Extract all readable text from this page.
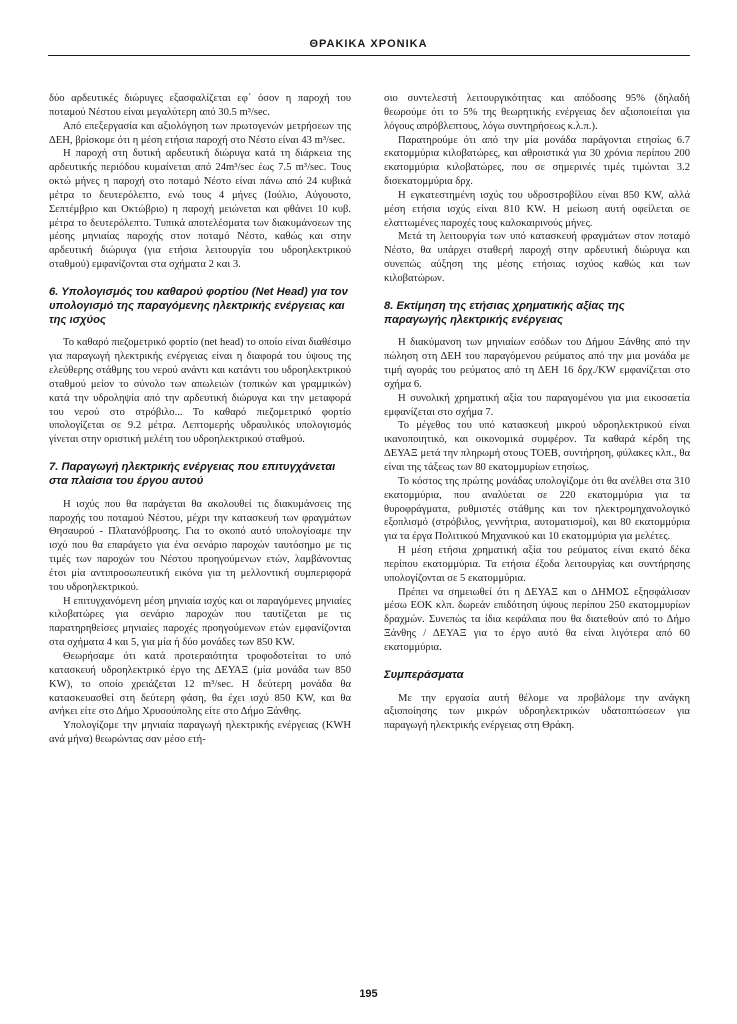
ΘΡΑΚΙΚΑ ΧΡΟΝΙΚΑ

δύο αρδευτικές διώρυγες εξασφαλίζεται εφ΄ όσον η παροχή του ποταμού Νέστου είναι μεγαλύτερη από 30.5 m³/sec.

Από επεξεργασία και αξιολόγηση των πρωτογενών μετρήσεων της ΔΕΗ, βρίσκομε ότι η μέση ετήσια παροχή στο Νέστο είναι 43 m³/sec.

Η παροχή στη δυτική αρδευτική διώρυγα κατά τη διάρκεια της αρδευτικής περιόδου κυμαίνεται από 24m³/sec έως 7.5 m³/sec. Τους οκτώ μήνες η παροχή στο ποταμό Νέστο είναι πάνω από 24 κυβικά μέτρα το δευτερόλεπτο, ενώ τους 4 μήνες (Ιούλιο, Αύγουστο, Σεπτέμβριο και Οκτώβριο) η παροχή μειώνεται και φθάνει 10 κυβ. μέτρα το δευτερόλεπτο. Τυπικά αποτελέσματα των διακυμάνσεων της μέσης μηνιαίας παροχής στον ποταμό Νέστο, καθώς και στην αρδευτική διώρυγα (για ετήσια λειτουργία του υδροηλεκτρικού σταθμού) εμφανίζονται στα σχήματα 2 και 3.

6. Υπολογισμός του καθαρού φορτίου (Net Head) για τον υπολογισμό της παραγόμενης ηλεκτρικής ενέργειας και της ισχύος

Το καθαρό πιεζομετρικό φορτίο (net head) το οποίο είναι διαθέσιμο για παραγωγή ηλεκτρικής ενέργειας είναι η διαφορά του ύψους της ελεύθερης στάθμης του νερού ανάντι και κατάντι του υδροηλεκτρικού σταθμού μείον το σύνολο των απωλειών (τοπικών και γραμμικών) κατά την υδροληψία από την αρδευτική διώρυγα και την μεταφορά του νερού στο στρόβιλο... Το καθαρό πιεζομετρικό φορτίο υπολογίζεται σε 9.2 μέτρα. Λεπτομερής υδραυλικός υπολογισμός γίνεται στην οριστική μελέτη του υδροηλεκτρικού σταθμού.

7. Παραγωγή ηλεκτρικής ενέργειας που επιτυγχάνεται στα πλαίσια του έργου αυτού

Η ισχύς που θα παράγεται θα ακολουθεί τις διακυμάνσεις της παροχής του ποταμού Νέστου, μέχρι την κατασκευή των φραγμάτων Θησαυρού - Πλατανόβρυσης. Για το σκοπό αυτό υπολογίσαμε την ισχύ που θα επαράγετο για ένα σενάριο παροχών ταυτόσημο με τις τιμές των παροχών του Νέστου προηγούμενων ετών, λαμβάνοντας έτσι μία αντιπροσωπευτική εικόνα για τη μελλοντική συμπεριφορά του υδροηλεκτρικού.

Η επιτυγχανόμενη μέση μηνιαία ισχύς και οι παραγόμενες μηνιαίες κιλοβατώρες για σενάριο παροχών που ταυτίζεται με τις παρατηρηθείσες μηνιαίες παροχές προηγούμενων ετών εμφανίζονται στα σχήματα 4 και 5, για μία ή δύο μονάδες των 850 KW.

Θεωρήσαμε ότι κατά προτεραιότητα τροφοδοτείται το υπό κατασκευή υδροηλεκτρικό έργο της ΔΕΥΑΞ (μία μονάδα των 850 KW), το οποίο χρειάζεται 12 m³/sec. Η δεύτερη μονάδα θα κατασκευασθεί στη δεύτερη φάση, θα έχει ισχύ 850 KW, και θα ανήκει είτε στο Δήμο Χρυσούπολης είτε στο Δήμο Ξάνθης.

Υπολογίζομε την μηνιαία παραγωγή ηλεκτρικής ενέργειας (KWH ανά μήνα) θεωρώντας σαν μέσο ετή-

σιο συντελεστή λειτουργικότητας και απόδοσης 95% (δηλαδή θεωρούμε ότι το 5% της θεωρητικής ενέργειας δεν αξιοποιείται για λόγους απρόβλεπτους, λόγω συντηρήσεως κ.λ.π.).

Παρατηρούμε ότι από την μία μονάδα παράγονται ετησίως 6.7 εκατομμύρια κιλοβατώρες, και αθροιστικά για 30 χρόνια περίπου 200 εκατομμύρια κιλοβατώρες, που σε σημερινές τιμές τιμώνται 3.2 δισεκατομμύρια δρχ.

Η εγκατεστημένη ισχύς του υδροστροβίλου είναι 850 KW, αλλά μέση ετήσια ισχύς είναι 810 KW. Η μείωση αυτή οφείλεται σε ελαττωμένες παροχές τους καλοκαιρινούς μήνες.

Μετά τη λειτουργία των υπό κατασκευή φραγμάτων στον ποταμό Νέστο, θα υπάρχει σταθερή παροχή στην αρδευτική διώρυγα και συνεπώς αύξηση της μέσης ετήσιας ισχύος καθώς και των κιλοβατώρων.

8. Εκτίμηση της ετήσιας χρηματικής αξίας της παραγωγής ηλεκτρικής ενέργειας

Η διακύμανση των μηνιαίων εσόδων του Δήμου Ξάνθης από την πώληση στη ΔΕΗ του παραγόμενου ρεύματος από την μια μονάδα με τιμή αγοράς του ρεύματος από τη ΔΕΗ 16 δρχ./KW εμφανίζεται στο σχήμα 6.

Η συνολική χρηματική αξία του παραγομένου για μια εικοσαετία εμφανίζεται στο σχήμα 7.

Το μέγεθος του υπό κατασκευή μικρού υδροηλεκτρικού είναι ικανοποιητικό, και οικονομικά συμφέρον. Τα καθαρά κέρδη της ΔΕΥΑΞ μετά την πληρωμή στους ΤΟΕΒ, συντήρηση, φύλακες κλπ., θα είναι της τάξεως των 80 εκατομμυρίων ετησίως.

Το κόστος της πρώτης μονάδας υπολογίζομε ότι θα ανέλθει στα 310 εκατομμύρια, που αναλύεται σε 220 εκατομμύρια για τα θυροφράγματα, ρυθμιστές στάθμης και τον ηλεκτρομηχανολογικό εξοπλισμό (στρόβιλος, γεννήτρια, αυτοματισμοί), και 80 εκατομμύρια για τα έργα Πολιτικού Μηχανικού και 10 εκατομμύρια για μελέτες.

Η μέση ετήσια χρηματική αξία του ρεύματος είναι εκατό δέκα περίπου εκατομμύρια. Τα ετήσια έξοδα λειτουργίας και συντήρησης υπολογίζονται σε 5 εκατομμύρια.

Πρέπει να σημειωθεί ότι η ΔΕΥΑΞ και ο ΔΗΜΟΣ εξησφάλισαν μέσω ΕΟΚ κλπ. δωρεάν επιδότηση ύψους περίπου 250 εκατομμυρίων δραχμών. Συνεπώς τα ίδια κεφάλαια που θα διατεθούν από το Δήμο Ξάνθης / ΔΕΥΑΞ για το έργο αυτό θα είναι λιγότερα από 60 εκατομμύρια.

Συμπεράσματα

Με την εργασία αυτή θέλομε να προβάλομε την ανάγκη αξιοποίησης των μικρών υδροηλεκτρικών υδατοπτώσεων για παραγωγή ηλεκτρικής ενέργειας στη Θράκη.

195
